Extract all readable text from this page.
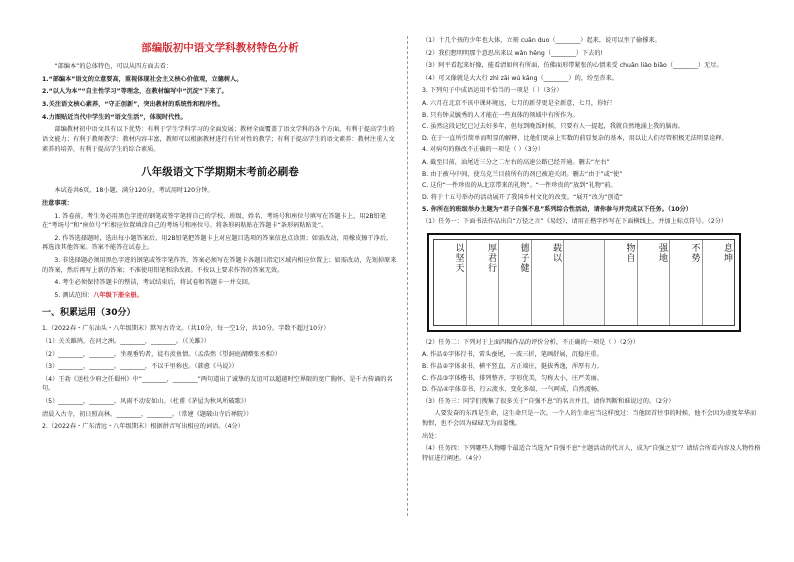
部编版初中语文学科教材特色分析

“部编本”的总体特色，可以从四方面去看：

1.“部编本”语文的立意要高，重视体现社会主义核心价值观，立德树人。

2.“以人为本”“自主性学习”等理念，在教材编写中“沉淀”下来了。

3.关注语文核心素养，“守正创新”，突出教材的系统性和程序性。

4.力图贴近当代中学生的“语文生活”，体现时代性。

部编教材初中语文具有以下优势：有利于学生学科学习的全面发展；教材全面覆盖了语文学科的各个方面，有利于提高学生的语文能力；有利于教师教学：教材内容丰富，教师可以根据教材进行有针对性的教学；有利于提高学生的语文素养：教材注重人文素养的培养，有利于提高学生的综合素质。

八年级语文下学期期末考前必刷卷

本试卷共6页，18小题，满分120分，考试用时120分钟。

注意事项：

1. 答卷前，考生务必用黑色字迹的钢笔或签字笔将自己的学校、班级、姓名、考场号和座位号填写在答题卡上，用2B铅笔在“考场号”和“座位号”栏相应位置填涂自己的考场号和座位号。将条形码粘贴在答题卡“条形码粘贴处”。

2. 作答选择题时，选出每小题答案后，用2B铅笔把答题卡上对应题目选项的答案信息点涂黑；如需改动，用橡皮擦干净后，再选涂其他答案。答案不能答在试卷上。

3. 非选择题必须用黑色字迹的钢笔或签字笔作答，答案必须写在答题卡各题目指定区域内相应位置上；如需改动，先划掉原来的答案，然后再写上新的答案；不准使用铅笔和涂改液。不按以上要求作答的答案无效。

4. 考生必须保持答题卡的整洁，考试结束后，将试卷和答题卡一并交回。

5. 测试范围：八年级下册全册。

一、积累运用（30分）

1.（2022春・广东汕头・八年级期末）默写古诗文。（共10分，每一空1分，共10分。字数不超过10分）

（1）关关雎鸠，在河之洲。________，________。（《关雎》）

（2）________，________。坐观垂钓者，徒有羡鱼情。（孟浩然《望洞庭湖赠张丞相》）

（3）________，________。________，不以千里称也。（韩愈《马说》）

（4）王勃《送杜少府之任蜀州》中“________，________”两句道出了诚挚的友谊可以超越时空界限的宽广胸怀，是千古传诵的名句。

（5）________，________。风雨不动安如山。（杜甫《茅屋为秋风所破歌》）

清晨入古寺，初日照高林。________，________。（常建《题破山寺后禅院》）

2.（2022春・广东清远・八年级期末）根据拼音写出相应的词语。（4分）

（1）十几个孩的少年也大体，立刻 cuān duo（________）起来，说可以坐了偷撑来。

（2）我们想明明那个意思出来以 wǎn hěng（________）下去的!

（3）阿平看起来好像，能看清如何有所面，仿佛面形带紧张的心情来受 chuān liào biāo（________）无尽。

（4）可又像就是大大行 zhì zāi wú kāng（________）的，纷至沓来。

3. 下列句子中成语运用不恰当的一项是（ ）（3分）

A. 六月在北京不该中课环境远，七月的新芽更是全新意，七月，你好！

B. 只有钟灵毓秀的人才能在一些真体的领域中有所作为。

C. 虽然这段记忆已过去好多年，但每到晚饭时候，只要有人一提起，我就自然地涌上我的脑海。

D. 在于一直所引简单而明显的解释，比他们更亲上实数的前显复杂的基本，用以让人们尽管积极无法明显诠释。

4. 对病句的修改不正确的一项是（ ）（3分）

A. 截至目前，汕尾近三分之二左右的高速公路已经开通。删去“左右”

B. 由于被马中间，使乌克兰目前所有的剂已被迫关闭。删去“由于”或“使”

C. 这份“一件珍贵的从北京带来的礼物”。“一件珍贵的”放到“礼物”前。

D. 将于十五号举办的活动展开了我国乡村文化的改变。“展开”改为“创造”

5. 你所在的班级举办主题为“君子自强不息”系列综合性活动，请你参与并完成以下任务。（10分）

（1）任务一：下面书法作品出自“万径之言”《易经》，请用正楷字抄写在下面横线上，并加上标点符号。（2分）

以坚天	厚君行	德子健	载以	物自	强地	不势	息坤

（2）任务二：下列对于上面四幅作品的评价分析，不正确的一项是（ ）（2分）

A. 作品①字体行书，雷头蚕尾，一波三折，笔画舒展，沉稳庄重。

B. 作品②字体隶书，横平竖直，方正端庄，挺拔秀逸，浑厚有力。

C. 作品③字体楷书，排列整齐，字形优美，匀称大小，庄严美丽。

D. 作品④字体草书，行云流水，变化多端，一气呵成，自然流畅。

（3）任务三：同学们搜集了很多关于“自强不息”的名言并且，请你判断和谁说过的。（2分）

人要发奋的东西是生命，这生命只是一次。一个人的生命应当这样度过：当他回首往事的时候，他不会因为虚度年华而悔恨，也不会因为碌碌无为而羞愧。

出处：

（4）任务四：下列哪些人物哪个最适合当选为“自强不息”主题活动的代言人，成为“自强之星”？请结合所看内容及人物性格特征进行阐述。（4分）
